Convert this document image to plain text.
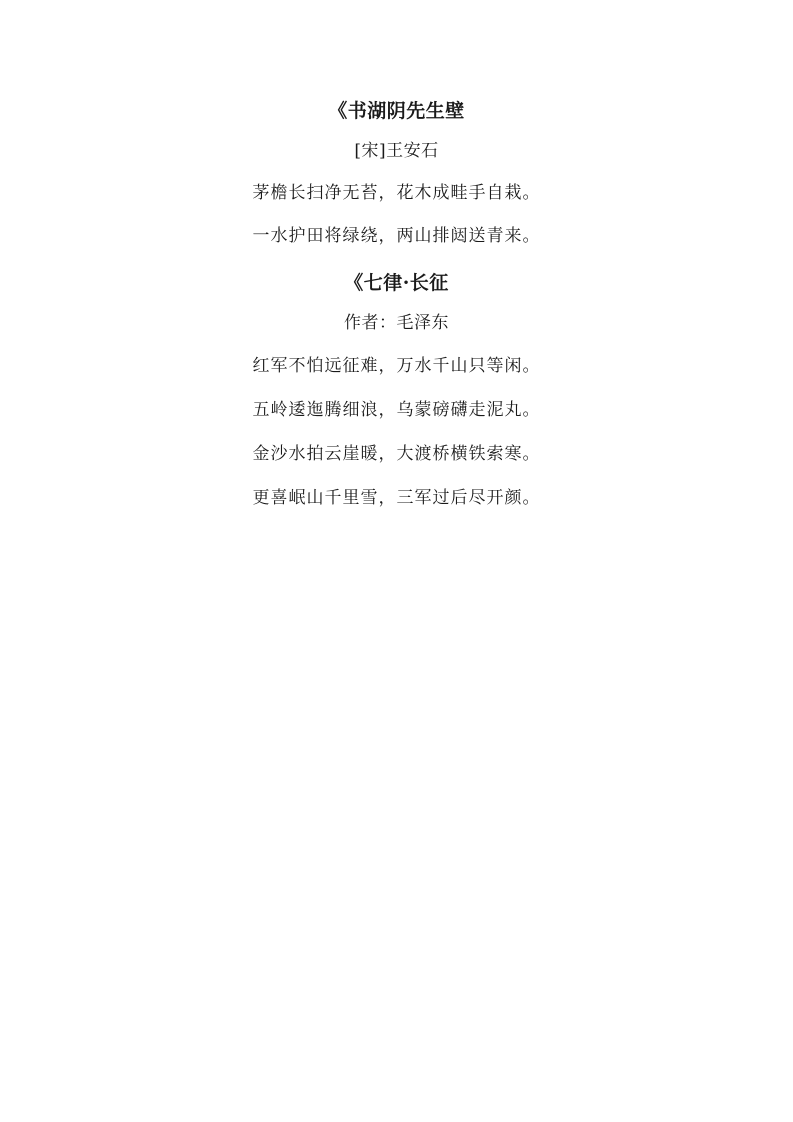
《书湖阴先生壁
[宋]王安石
茅檐长扫净无苔，花木成畦手自栽。
一水护田将绿绕，两山排闼送青来。
《七律·长征
作者：毛泽东
红军不怕远征难，万水千山只等闲。
五岭逶迤腾细浪，乌蒙磅礴走泥丸。
金沙水拍云崖暖，大渡桥横铁索寒。
更喜岷山千里雪，三军过后尽开颜。
